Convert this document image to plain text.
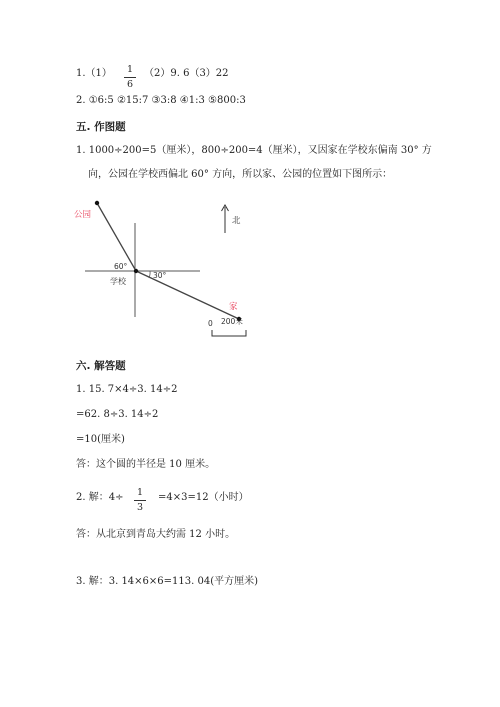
1.（1）	1
6
（2）9. 6（3）22
2. ①6:5 ②15:7 ③3:8 ④1:3 ⑤800:3
五. 作图题
1. 1000÷200=5（厘米），800÷200=4（厘米），又因家在学校东偏南 30° 方
向，公园在学校西偏北 60° 方向，所以家、公园的位置如下图所示：
公园
60°
30°
学校
家
北
0 200米
六. 解答题
1. 15. 7×4÷3. 14÷2
=62. 8÷3. 14÷2
=10(厘米)
答：这个圆的半径是 10 厘米。
2. 解：4÷	1
3
=4×3=12（小时）
答：从北京到青岛大约需 12 小时。
3. 解：3. 14×6×6=113. 04(平方厘米)
